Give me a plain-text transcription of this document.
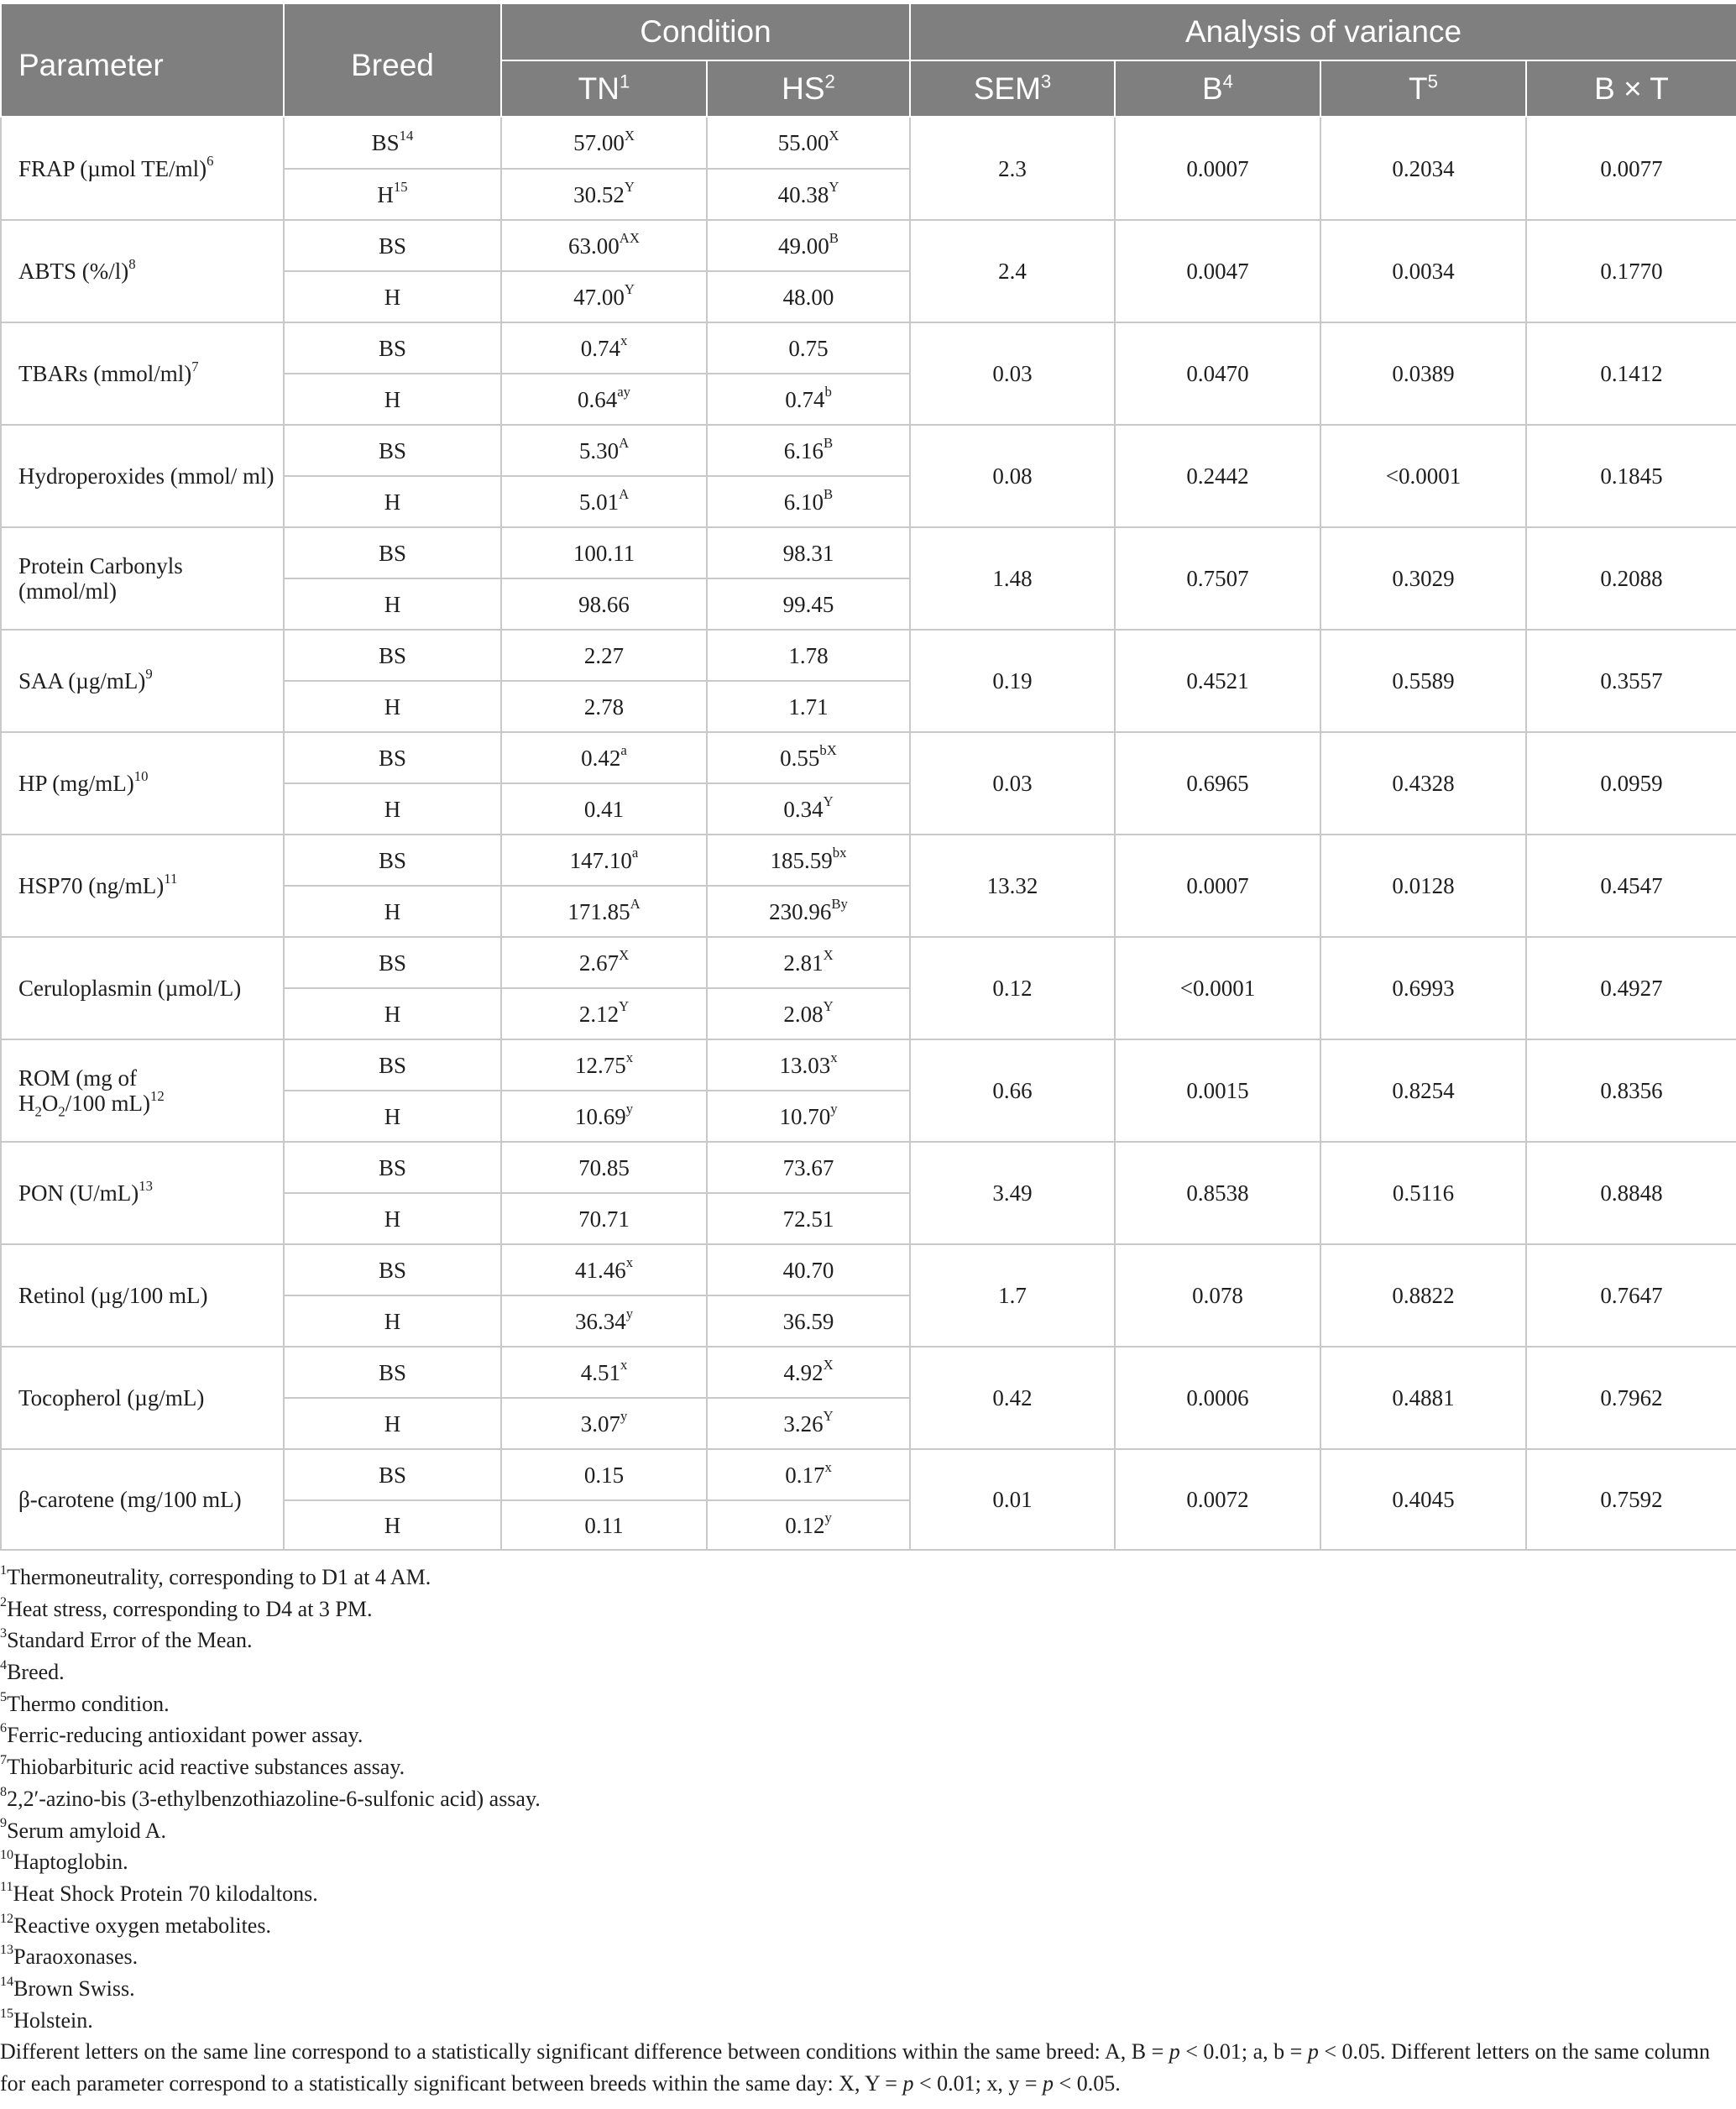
Parameter	Breed	Condition		Analysis of variance			
		$TN^1$	$HS^2$	SEM$^3$	$B^4$	$T^5$	B × T
FRAP (µmol TE/ml)$^6$	BS$^{14}$	$57.00^X$	$55.00^X$	2.3	0.0007	0.2034	0.0077
	$H^{15}$	$30.52^Y$	$40.38^Y$
ABTS $(\%/l)^8$	BS	$63.00^{AX}$	$49.00^B$	2.4	0.0047	0.0034	0.1770
	H	$47.00^Y$	48.00				
TBARs (mmol/ml)$^7$	BS	0.74$^x$	0.75	0.03	0.0470	0.0389	0.1412
	H	$0.64^{ay}$	0.74$^b$
Hydroperoxides (mmol/ ml)	BS	$5.30^A$	$6.16^B$	0.08	0.2442	<0.0001	0.1845
	H	$5.01^A$	$6.10^B$
Protein Carbonyls (mmol/ml)	BS	100.11	98.31	1.48	0.7507	0.3029	0.2088
	H	98.66	99.45				
SAA $(\mu g/mL)^9$	BS	2.27	1.78	0.19	0.4521	0.5589	0.3557
	H	2.78	1.71				
HP $(mg/mL)^{10}$	BS	0.42$^a$	$0.55^{bX}$	0.03	0.6965	0.4328	0.0959
	H	0.41	$0.34^Y$
HSP70 $(ng/mL)^{11}$	BS	147.10$^a$	$185.59^{bx}$	13.32	0.0007	0.0128	0.4547
	H	$171.85^A$	$230.96^{By}$
Ceruloplasmin (µmol/L)	BS	$2.67^X$	$2.81^X$	0.12	<0.0001	0.6993	0.4927
	H	$2.12^Y$	$2.08^Y$
ROM (mg of
$H_2O_2/100$ mL)$^{12}$	BS	12.75$^x$	13.03$^x$	0.66	0.0015	0.8254	0.8356
	H	10.69$^y$	10.70$^y$
PON $(U/mL)^{13}$	BS	70.85	73.67	3.49	0.8538	0.5116	0.8848
	H	70.71	72.51				
Retinol (µg/100 mL)	BS	41.46$^x$	40.70	1.7	0.078	0.8822	0.7647
	H	36.34$^y$	36.59				
Tocopherol (µg/mL)	BS	4.51$^x$	$4.92^X$	0.42	0.0006	0.4881	0.7962
	H	3.07$^y$	$3.26^Y$
β-carotene (mg/100 mL)	BS	0.15	0.17$^x$	0.01	0.0072	0.4045	0.7592
	H	0.11	0.12$^y$
$^1$Thermoneutrality, corresponding to D1 at 4 AM.
$^2$Heat stress, corresponding to D4 at 3 PM.
$^3$Standard Error of the Mean.
$^4$Breed.
$^5$Thermo condition.
$^6$Ferric-reducing antioxidant power assay.
$^7$Thiobarbituric acid reactive substances assay.
$^8$2,2′-azino-bis (3-ethylbenzothiazoline-6-sulfonic acid) assay.
$^9$Serum amyloid A.
$^{10}$Haptoglobin.
$^{11}$Heat Shock Protein 70 kilodaltons.
$^{12}$Reactive oxygen metabolites.
$^{13}$Paraoxonases.
$^{14}$Brown Swiss.
$^{15}$Holstein.
Different letters on the same line correspond to a statistically significant difference between conditions within the same breed: A, B = p < 0.01; a, b = p < 0.05. Different letters on the same column for each parameter correspond to a statistically significant between breeds within the same day: X, Y = p < 0.01; x, y = p < 0.05.
